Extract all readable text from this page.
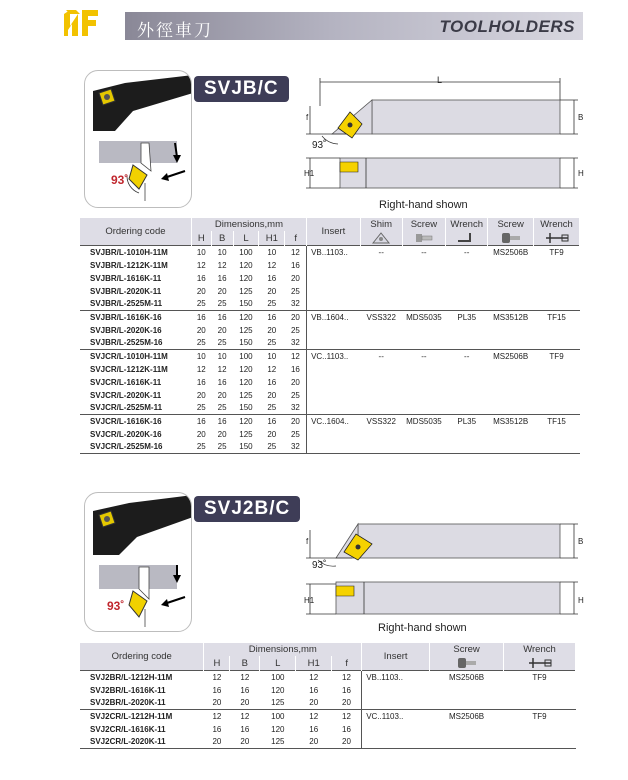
外徑車刀	TOOLHOLDERS
93˚
SVJB/C	L
f	B
H1	H
93˚
Right-hand shown
Ordering code	Dimensions,mm					Insert	Shim	Screw	Wrench	Screw	Wrench
	H	B	L	H1	f	

SVJBR/L-1010H-11M	10	10	100	10	12	VB..1103..	--	--	--	MS2506B	TF9
SVJBR/L-1212K-11M	12	12	120	12	16						
SVJBR/L-1616K-11	16	16	120	16	20						
SVJBR/L-2020K-11	20	20	125	20	25						
SVJBR/L-2525M-11	25	25	150	25	32						
SVJBR/L-1616K-16	16	16	120	16	20	VB..1604..	VSS322	MDS5035	PL35	MS3512B	TF15
SVJBR/L-2020K-16	20	20	125	20	25						
SVJBR/L-2525M-16	25	25	150	25	32						
SVJCR/L-1010H-11M	10	10	100	10	12	VC..1103..	--	--	--	MS2506B	TF9
SVJCR/L-1212K-11M	12	12	120	12	16						
SVJCR/L-1616K-11	16	16	120	16	20						
SVJCR/L-2020K-11	20	20	125	20	25						
SVJCR/L-2525M-11	25	25	150	25	32						
SVJCR/L-1616K-16	16	16	120	16	20	VC..1604..	VSS322	MDS5035	PL35	MS3512B	TF15
SVJCR/L-2020K-16	20	20	125	20	25						
SVJCR/L-2525M-16	25	25	150	25	32						
93˚
SVJ2B/C
f	B
H1	H
93˚
Right-hand shown
Ordering code	Dimensions,mm					Insert	Screw	Wrench
	H	B	L	H1	f	

SVJ2BR/L-1212H-11M	12	12	100	12	12	VB..1103..	MS2506B	TF9
SVJ2BR/L-1616K-11	16	16	120	16	16			
SVJ2BR/L-2020K-11	20	20	125	20	20			
SVJ2CR/L-1212H-11M	12	12	100	12	12	VC..1103..	MS2506B	TF9
SVJ2CR/L-1616K-11	16	16	120	16	16			
SVJ2CR/L-2020K-11	20	20	125	20	20			
